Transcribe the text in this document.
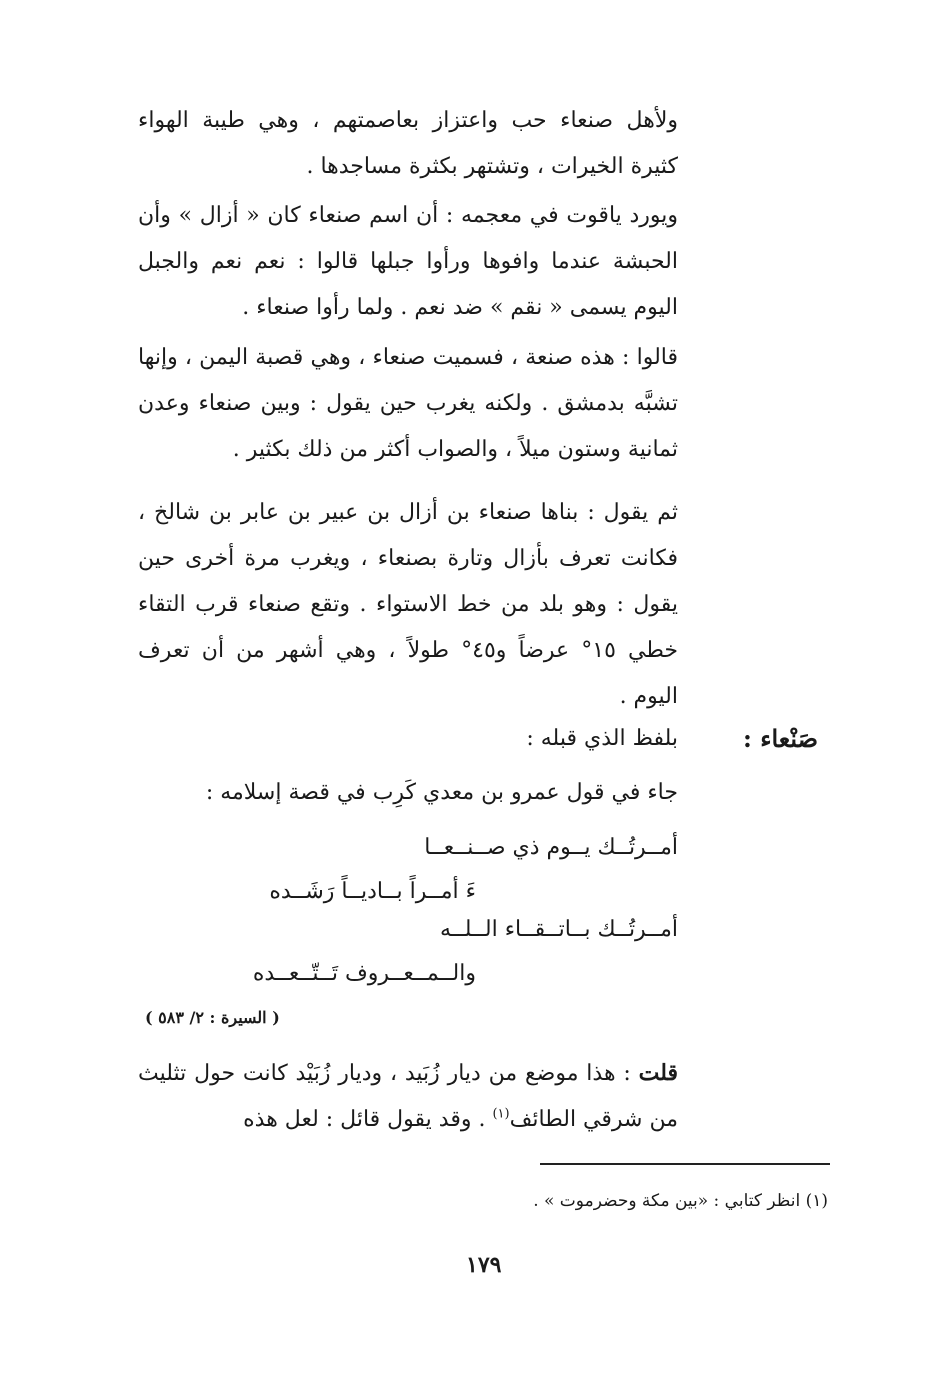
ولأهل صنعاء حب واعتزاز بعاصمتهم ، وهي طيبة الهواء كثيرة الخيرات ، وتشتهر بكثرة مساجدها .

ويورد ياقوت في معجمه : أن اسم صنعاء كان « أزال » وأن الحبشة عندما وافوها ورأوا جبلها قالوا : نعم نعم والجبل اليوم يسمى « نقم » ضد نعم . ولما رأوا صنعاء .

قالوا : هذه صنعة ، فسميت صنعاء ، وهي قصبة اليمن ، وإنها تشبَّه بدمشق . ولكنه يغرب حين يقول : وبين صنعاء وعدن ثمانية وستون ميلاً ، والصواب أكثر من ذلك بكثير .

ثم يقول : بناها صنعاء بن أزال بن عبير بن عابر بن شالخ ، فكانت تعرف بأزال وتارة بصنعاء ، ويغرب مرة أخرى حين يقول : وهو بلد من خط الاستواء . وتقع صنعاء قرب التقاء خطي ١٥° عرضاً و٤٥° طولاً ، وهي أشهر من أن تعرف اليوم .

صَنْعاء :
بلفظ الذي قبله :

جاء في قول عمرو بن معدي كَرِب في قصة إسلامه :

أمــرتُــك يــوم ذي صــنــعــا
ءَ أمــراً بــاديــاً رَشَــده
أمــرتُــك بــاتــقــاء الــلــه
والــمــعــروف تَــتّــعــده
( السيرة : ٢/ ٥٨٣ )

قلت : هذا موضع من ديار زُبَيد ، وديار زُبَيْد كانت حول تثليث من شرقي الطائف$^{(١)}$ . وقد يقول قائل : لعل هذه

(١) انظر كتابي : «بين مكة وحضرموت » .
١٧٩
